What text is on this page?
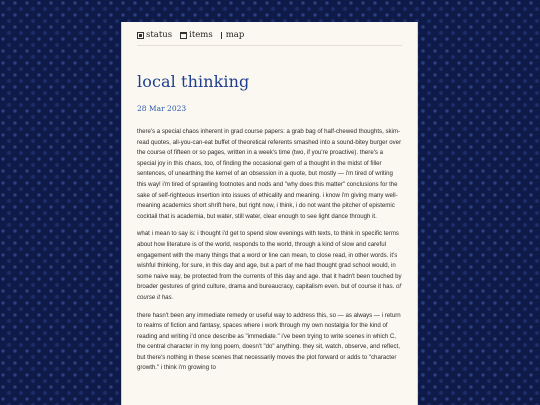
status items map
local thinking
28 Mar 2023

there's a special chaos inherent in grad course papers: a grab bag of half-chewed thoughts, skim-read quotes, all-you-can-eat buffet of theoretical referents smashed into a sound-bitey burger over the course of fifteen or so pages, written in a week's time (two, if you're proactive). there's a special joy in this chaos, too, of finding the occasional gem of a thought in the midst of filler sentences, of unearthing the kernel of an obsession in a quote, but mostly — i'm tired of writing this way! i'm tired of sprawling footnotes and nods and "why does this matter" conclusions for the sake of self-righteous insertion into issues of ethicality and meaning. i know i'm giving many well-meaning academics short shrift here, but right now, i think, i do not want the pitcher of epistemic cocktail that is academia, but water, still water, clear enough to see light dance through it.

what i mean to say is: i thought i'd get to spend slow evenings with texts, to think in specific terms about how literature is of the world, responds to the world, through a kind of slow and careful engagement with the many things that a word or line can mean, to close read, in other words. it's wishful thinking, for sure, in this day and age, but a part of me had thought grad school would, in some naive way, be protected from the currents of this day and age. that it hadn't been touched by broader gestures of grind culture, drama and bureaucracy, capitalism even. but of course it has. of course it has.

there hasn't been any immediate remedy or useful way to address this, so — as always — i return to realms of fiction and fantasy, spaces where i work through my own nostalgia for the kind of reading and writing i'd once describe as "immediate." i've been trying to write scenes in which C, the central character in my long poem, doesn't "do" anything. they sit, watch, observe, and reflect, but there's nothing in these scenes that necessarily moves the plot forward or adds to "character growth." i think i'm growing to
